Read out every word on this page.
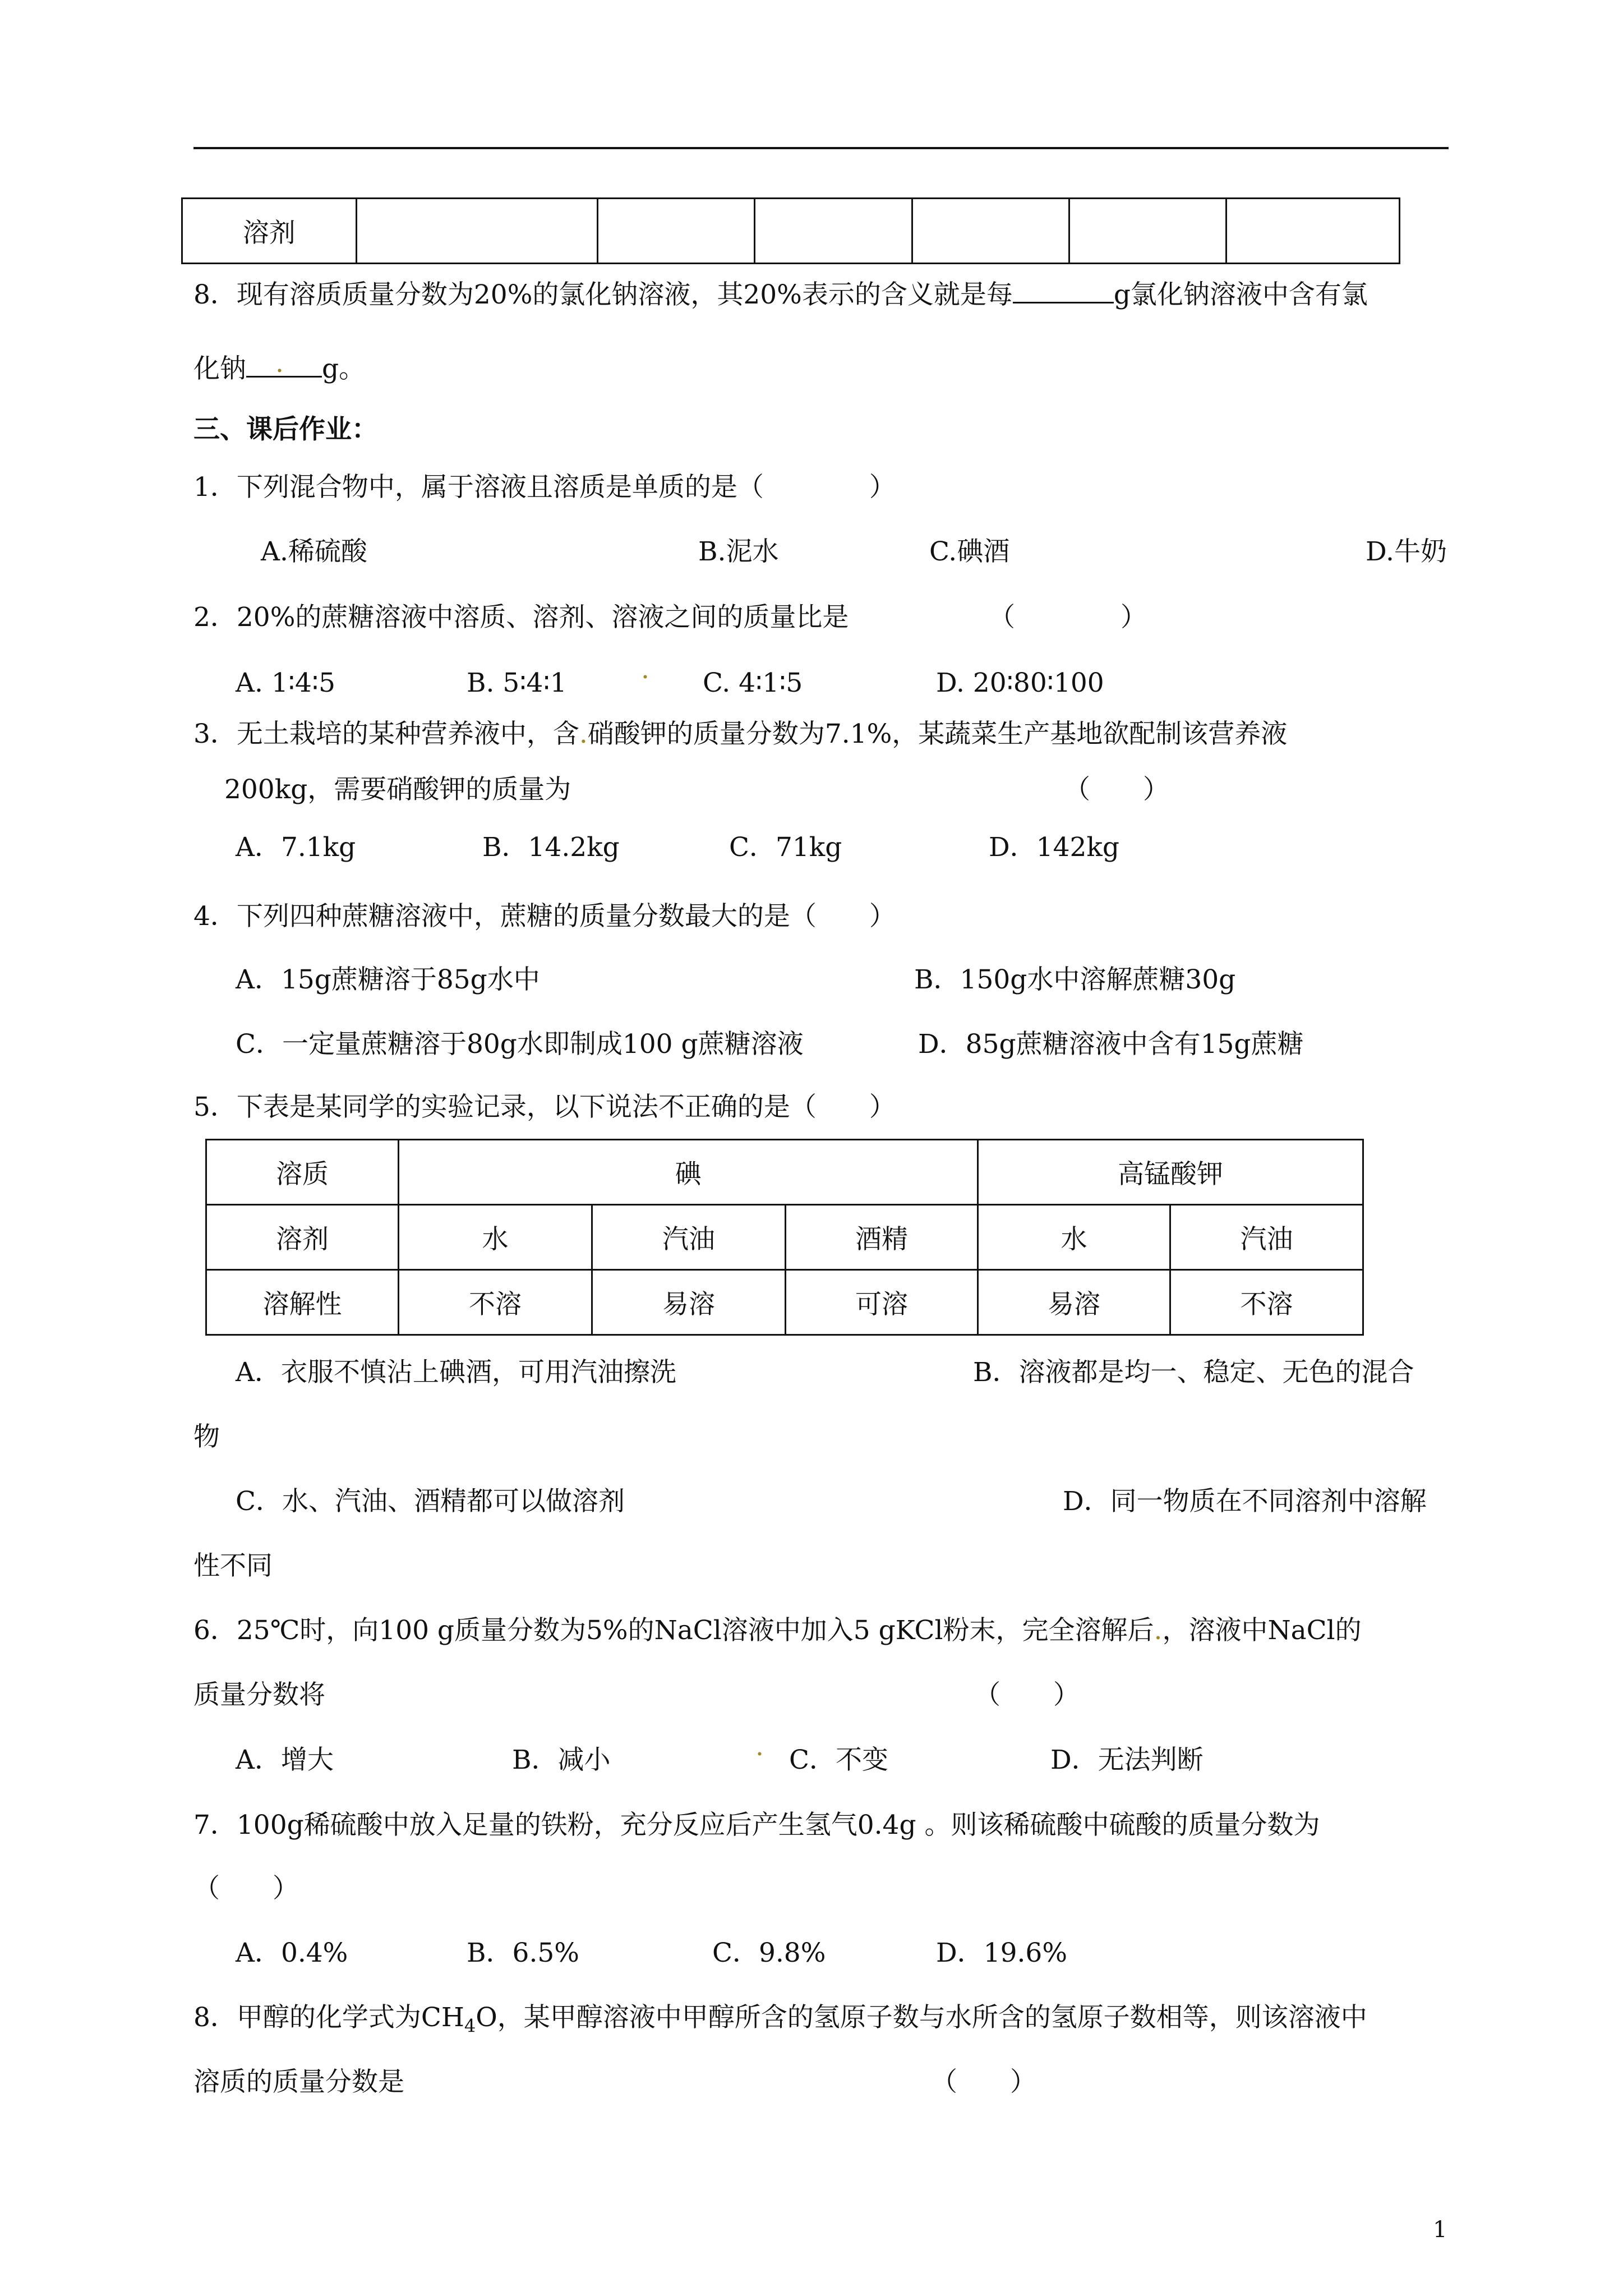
溶剂						
8．现有溶质质量分数为20%的氯化钠溶液，其20%表示的含义就是每	g氯化钠溶液中含有氯
化钠 . g。
三、课后作业：
1．下列混合物中，属于溶液且溶质是单质的是（　　　　）
A.稀硫酸	B.泥水	C.碘酒	D.牛奶
2．20%的蔗糖溶液中溶质、溶剂、溶液之间的质量比是	（　　　　）
A. 1∶4∶5	B. 5∶4∶1	. C. 4∶1∶5	D. 20∶80∶100
3．无土栽培的某种营养液中，含.硝酸钾的质量分数为7.1%，某蔬菜生产基地欲配制该营养液
200kg，需要硝酸钾的质量为	（　　）
A．7.1kg	B．14.2kg	C．71kg	D．142kg
4．下列四种蔗糖溶液中，蔗糖的质量分数最大的是（　　）
A．15g蔗糖溶于85g水中	B．150g水中溶解蔗糖30g
C．一定量蔗糖溶于80g水即制成100 g蔗糖溶液	D．85g蔗糖溶液中含有15g蔗糖
5．下表是某同学的实验记录，以下说法不正确的是（　　）
溶质	碘			高锰酸钾	
溶剂	水	汽油	酒精	水	汽油
溶解性	不溶	易溶	可溶	易溶	不溶
A．衣服不慎沾上碘酒，可用汽油擦洗	B．溶液都是均一、稳定、无色的混合
物
C．水、汽油、酒精都可以做溶剂	D．同一物质在不同溶剂中溶解
性不同
6．25℃时，向100 g质量分数为5%的NaCl溶液中加入5 gKCl粉末，完全溶解后.，溶液中NaCl的
质量分数将	（　　）
A．增大	B．减小	. C．不变	D．无法判断
7．100g稀硫酸中放入足量的铁粉，充分反应后产生氢气0.4g 。则该稀硫酸中硫酸的质量分数为
（　　）
A．0.4%	B．6.5%	C．9.8%	D．19.6%
8．甲醇的化学式为$CH_4O$，某甲醇溶液中甲醇所含的氢原子数与水所含的氢原子数相等，则该溶液中
溶质的质量分数是	（　　）
1
